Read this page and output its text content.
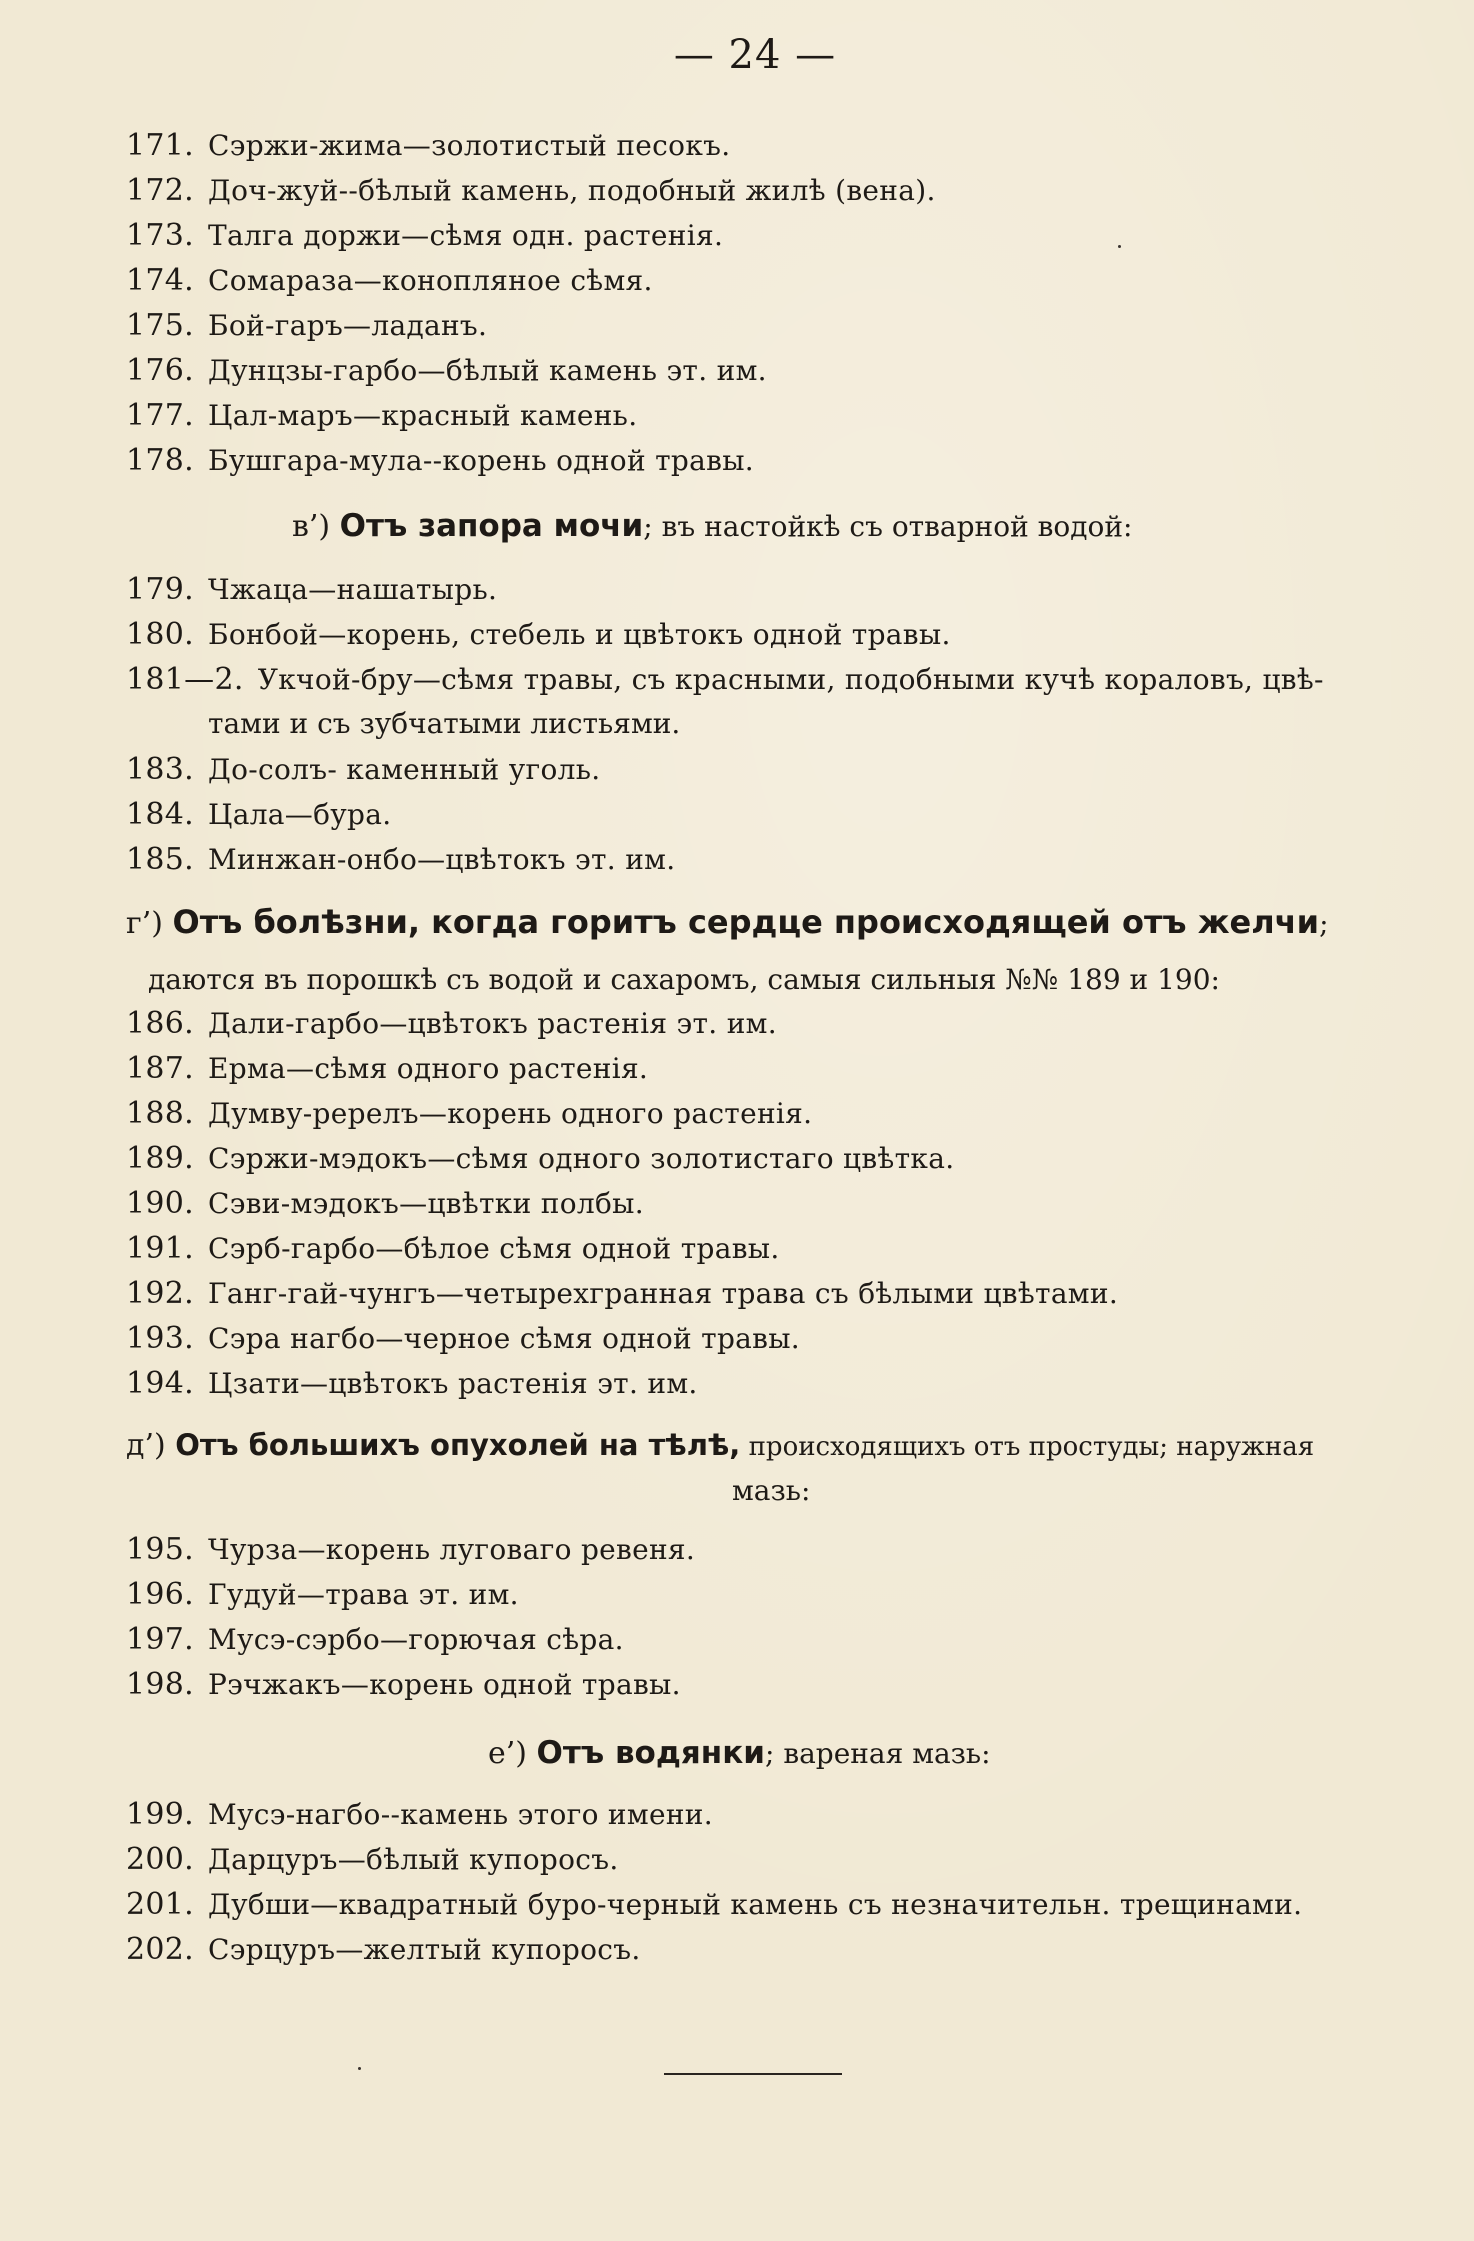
— 24 —
171. Сэржи-жима—золотистый песокъ.
172. Доч-жуй--бѣлый камень, подобный жилѣ (вена).
173. Талга доржи—сѣмя одн. растенія.
174. Сомараза—конопляное сѣмя.
175. Бой-гаръ—ладанъ.
176. Дунцзы-гарбо—бѣлый камень эт. им.
177. Цал-маръ—красный камень.
178. Бушгара-мула--корень одной травы.
в’) Отъ запора мочи; въ настойкѣ съ отварной водой:
179. Чжаца—нашатырь.
180. Бонбой—корень, стебель и цвѣтокъ одной травы.
181—2. Укчой-бру—сѣмя травы, съ красными, подобными кучѣ кораловъ, цвѣ-
тами и съ зубчатыми листьями.
183. До-солъ- каменный уголь.
184. Цала—бура.
185. Минжан-онбо—цвѣтокъ эт. им.
г’) Отъ болѣзни, когда горитъ сердце происходящей отъ желчи;
даются въ порошкѣ съ водой и сахаромъ, самыя сильныя №№ 189 и 190:
186. Дали-гарбо—цвѣтокъ растенія эт. им.
187. Ерма—сѣмя одного растенія.
188. Думву-ререлъ—корень одного растенія.
189. Сэржи-мэдокъ—сѣмя одного золотистаго цвѣтка.
190. Сэви-мэдокъ—цвѣтки полбы.
191. Сэрб-гарбо—бѣлое сѣмя одной травы.
192. Ганг-гай-чунгъ—четырехгранная трава съ бѣлыми цвѣтами.
193. Сэра нагбо—черное сѣмя одной травы.
194. Цзати—цвѣтокъ растенія эт. им.
д’) Отъ большихъ опухолей на тѣлѣ, происходящихъ отъ простуды; наружная
мазь:
195. Чурза—корень луговаго ревеня.
196. Гудуй—трава эт. им.
197. Мусэ-сэрбо—горючая сѣра.
198. Рэчжакъ—корень одной травы.
е’) Отъ водянки; вареная мазь:
199. Мусэ-нагбо--камень этого имени.
200. Дарцуръ—бѣлый купоросъ.
201. Дубши—квадратный буро-черный камень съ незначительн. трещинами.
202. Сэрцуръ—желтый купоросъ.
